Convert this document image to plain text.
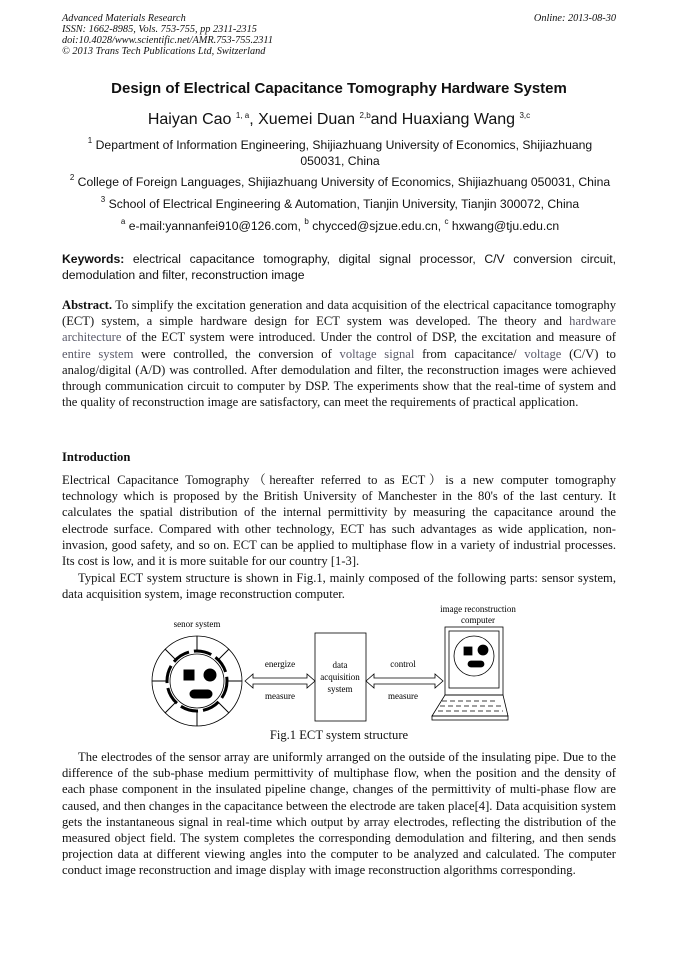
Advanced Materials Research
ISSN: 1662-8985, Vols. 753-755, pp 2311-2315
doi:10.4028/www.scientific.net/AMR.753-755.2311
© 2013 Trans Tech Publications Ltd, Switzerland
Online: 2013-08-30
Design of Electrical Capacitance Tomography Hardware System
Haiyan Cao $^{1, a}$, Xuemei Duan $^{2,b}$and Huaxiang Wang $^{3,c}$
$^1$ Department of Information Engineering, Shijiazhuang University of Economics, Shijiazhuang 050031, China
$^2$ College of Foreign Languages, Shijiazhuang University of Economics, Shijiazhuang 050031, China
$^3$ School of Electrical Engineering & Automation, Tianjin University, Tianjin 300072, China
$^a$ e-mail:yannanfei910@126.com, $^b$ chycced@sjzue.edu.cn, $^c$ hxwang@tju.edu.cn
Keywords: electrical capacitance tomography, digital signal processor, C/V conversion circuit, demodulation and filter, reconstruction image
Abstract. To simplify the excitation generation and data acquisition of the electrical capacitance tomography (ECT) system, a simple hardware design for ECT system was developed. The theory and hardware architecture of the ECT system were introduced. Under the control of DSP, the excitation and measure of entire system were controlled, the conversion of voltage signal from capacitance/ voltage (C/V) to analog/digital (A/D) was controlled. After demodulation and filter, the reconstruction images were achieved through communication circuit to computer by DSP. The experiments show that the real-time of system and the quality of reconstruction image are satisfactory, can meet the requirements of practical application.
Introduction
Electrical Capacitance Tomography（hereafter referred to as ECT）is a new computer tomography technology which is proposed by the British University of Manchester in the 80's of the last century. It calculates the spatial distribution of the internal permittivity by measuring the capacitance around the electrode surface. Compared with other technology, ECT has such advantages as wide application, non-invasion, good safety, and so on. ECT can be applied to multiphase flow in a variety of industrial processes. Its cost is low, and it is more suitable for our country [1-3].
Typical ECT system structure is shown in Fig.1, mainly composed of the following parts: sensor system, data acquisition system, image reconstruction computer.
senor system
energize
measure
data
acquisition
system
control
measure
image reconstruction
computer
Fig.1 ECT system structure
The electrodes of the sensor array are uniformly arranged on the outside of the insulating pipe. Due to the difference of the sub-phase medium permittivity of multiphase flow, when the position and the density of each phase component in the insulated pipeline change, changes of the permittivity of multi-phase flow are caused, and then changes in the capacitance between the electrode are taken place[4]. Data acquisition system gets the instantaneous signal in real-time which output by array electrodes, reflecting the distribution of the measured object field. The system completes the corresponding demodulation and filtering, and then sends projection data at different viewing angles into the computer to be analyzed and calculated. The computer conduct image reconstruction and image display with image reconstruction algorithms corresponding.
